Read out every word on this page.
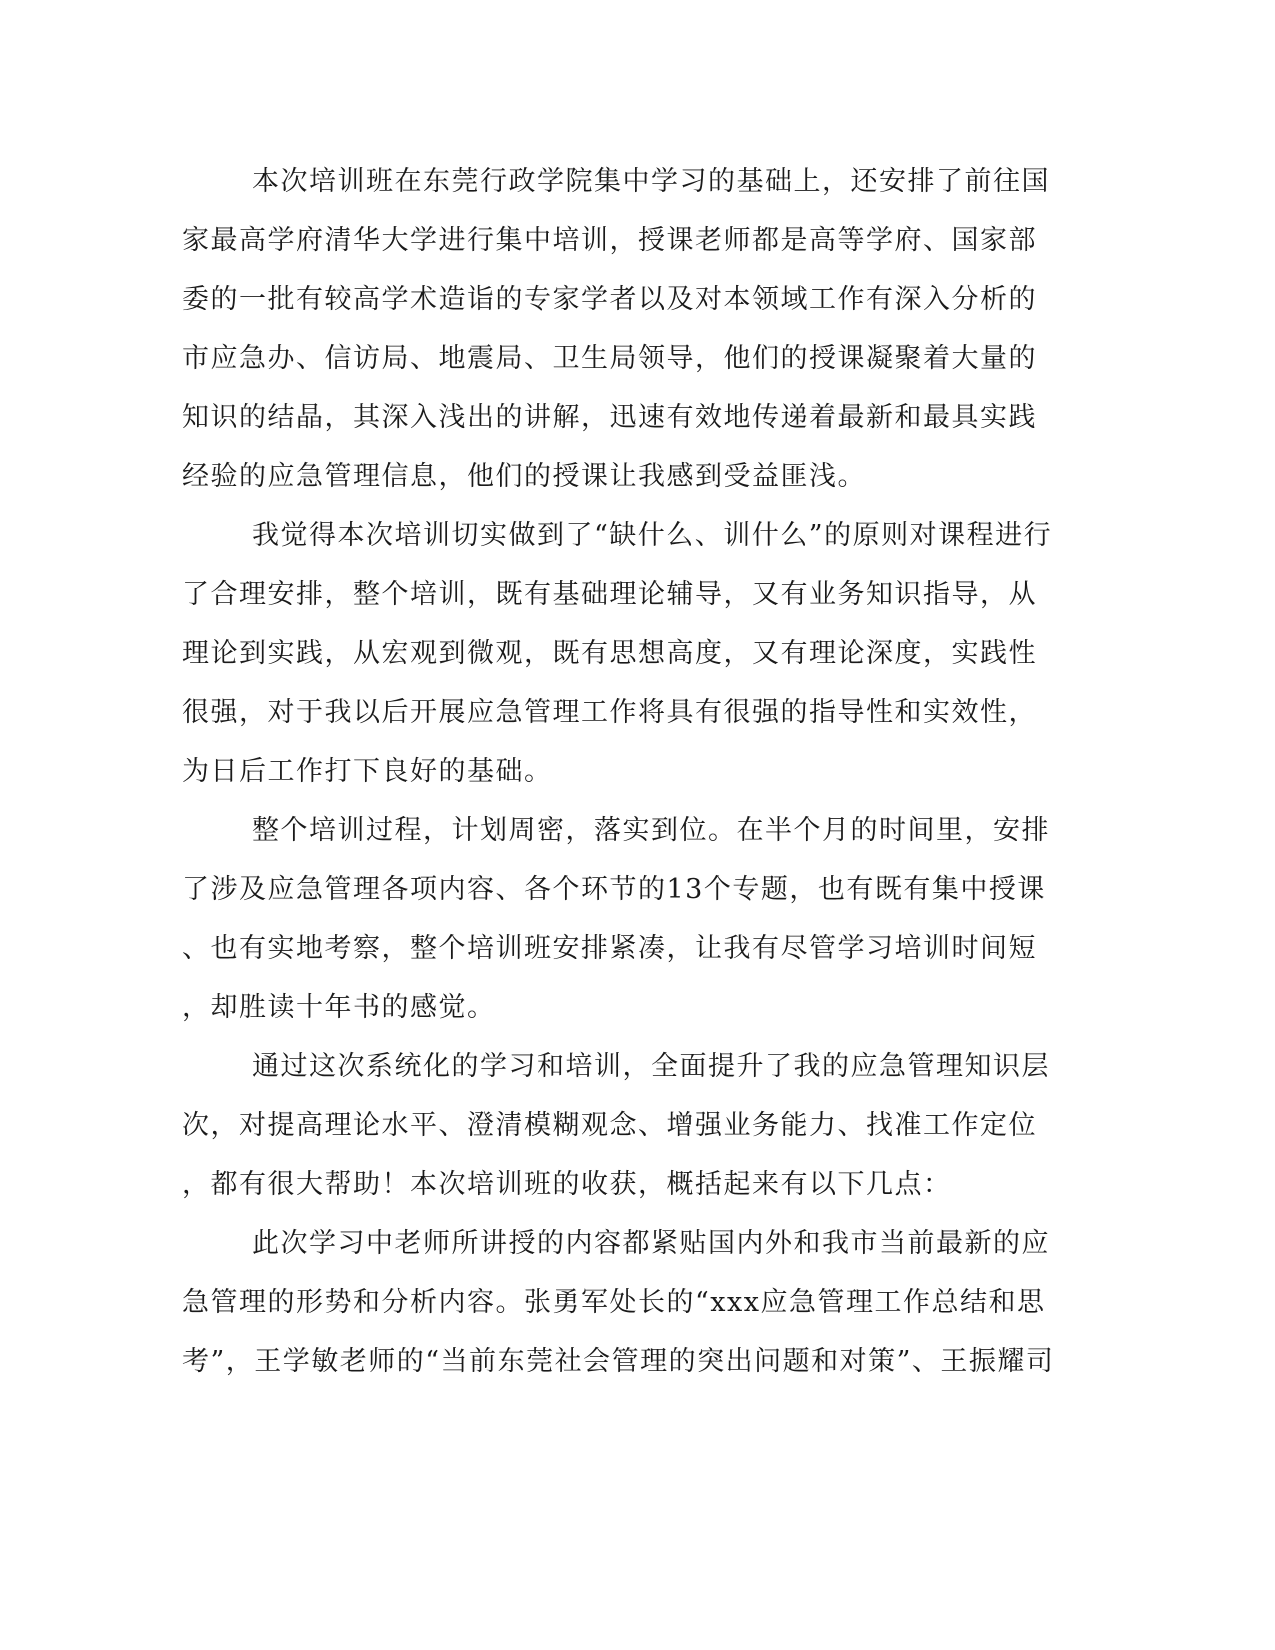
本次培训班在东莞行政学院集中学习的基础上，还安排了前往国
家最高学府清华大学进行集中培训，授课老师都是高等学府、国家部
委的一批有较高学术造诣的专家学者以及对本领域工作有深入分析的
市应急办、信访局、地震局、卫生局领导，他们的授课凝聚着大量的
知识的结晶，其深入浅出的讲解，迅速有效地传递着最新和最具实践
经验的应急管理信息，他们的授课让我感到受益匪浅。

我觉得本次培训切实做到了“缺什么、训什么”的原则对课程进行
了合理安排，整个培训，既有基础理论辅导，又有业务知识指导，从
理论到实践，从宏观到微观，既有思想高度，又有理论深度，实践性
很强，对于我以后开展应急管理工作将具有很强的指导性和实效性，
为日后工作打下良好的基础。

整个培训过程，计划周密，落实到位。在半个月的时间里，安排
了涉及应急管理各项内容、各个环节的13个专题，也有既有集中授课
、也有实地考察，整个培训班安排紧凑，让我有尽管学习培训时间短
，却胜读十年书的感觉。

通过这次系统化的学习和培训，全面提升了我的应急管理知识层
次，对提高理论水平、澄清模糊观念、增强业务能力、找准工作定位
，都有很大帮助！本次培训班的收获，概括起来有以下几点：

此次学习中老师所讲授的内容都紧贴国内外和我市当前最新的应
急管理的形势和分析内容。张勇军处长的“xxx应急管理工作总结和思
考”，王学敏老师的“当前东莞社会管理的突出问题和对策”、王振耀司
